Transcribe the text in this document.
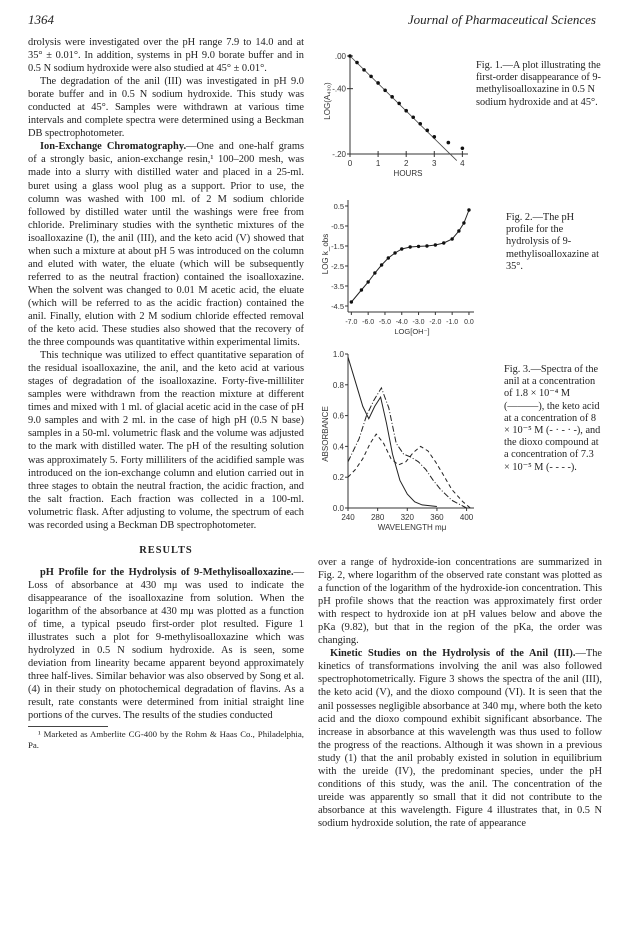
1364	Journal of Pharmaceutical Sciences

drolysis were investigated over the pH range 7.9 to 14.0 and at 35° ± 0.01°. In addition, systems in pH 9.0 borate buffer and in 0.5 N sodium hydroxide were also studied at 45° ± 0.01°.

The degradation of the anil (III) was investigated in pH 9.0 borate buffer and in 0.5 N sodium hydroxide. This study was conducted at 45°. Samples were withdrawn at various time intervals and complete spectra were determined using a Beckman DB spectrophotometer.

Ion-Exchange Chromatography.—One and one-half grams of a strongly basic, anion-exchange resin,¹ 100–200 mesh, was made into a slurry with distilled water and placed in a 25-ml. buret using a glass wool plug as a support. Prior to use, the column was washed with 100 ml. of 2 M sodium chloride followed by distilled water until the washings were free from chloride. Preliminary studies with the synthetic mixtures of the isoalloxazine (I), the anil (III), and the keto acid (V) showed that when such a mixture at about pH 5 was introduced on the column and eluted with water, the eluate (which will be subsequently referred to as the neutral fraction) contained the isoalloxazine. When the solvent was changed to 0.01 M acetic acid, the eluate (which will be referred to as the acidic fraction) contained the anil. Finally, elution with 2 M sodium chloride effected removal of the keto acid. These studies also showed that the recovery of the three compounds was quantitative within experimental limits.

This technique was utilized to effect quantitative separation of the residual isoalloxazine, the anil, and the keto acid at various stages of degradation of the isoalloxazine. Forty-five-milliliter samples were withdrawn from the reaction mixture at different times and mixed with 1 ml. of glacial acetic acid in the case of pH 9.0 samples and with 2 ml. in the case of high pH (0.5 N base) samples in a 50-ml. volumetric flask and the volume was adjusted to the mark with distilled water. The pH of the resulting solution was approximately 5. Forty milliliters of the acidified sample was introduced on the ion-exchange column and elution carried out in three stages to obtain the neutral fraction, the acidic fraction, and the salt fraction. Each fraction was collected in a 100-ml. volumetric flask. After adjusting to volume, the spectrum of each was recorded using a Beckman DB spectrophotometer.

RESULTS

pH Profile for the Hydrolysis of 9-Methylisoalloxazine.—Loss of absorbance at 430 mμ was used to indicate the disappearance of the isoalloxazine from solution. When the logarithm of the absorbance at 430 mμ was plotted as a function of time, a typical pseudo first-order plot resulted. Figure 1 illustrates such a plot for 9-methylisoalloxazine which was hydrolyzed in 0.5 N sodium hydroxide. As is seen, some deviation from linearity became apparent beyond approximately three half-lives. Similar behavior was also observed by Song et al. (4) in their study on photochemical degradation of flavins. As a result, rate constants were determined from initial straight line portions of the curves. The results of the studies conducted

¹ Marketed as Amberlite CG-400 by the Rohm & Haas Co., Philadelphia, Pa.

.00
-.40
-.20
0	1	2	3	4
HOURS
LOG(A₄₃₀)
Fig. 1.—A plot illustrating the first-order disappearance of 9-methylisoalloxazine in 0.5 N sodium hydroxide and at 45°.
0.5
-0.5
-1.5
-2.5
-3.5
-4.5
-7.0 -6.0 -5.0 -4.0 -3.0 -2.0 -1.0 0.0
LOG[OH⁻]
LOG k_obs
Fig. 2.—The pH profile for the hydrolysis of 9-methylisoalloxazine at 35°.
1.0
0.8
0.6
0.4
0.2
0.0
240 280 320 360 400
WAVELENGTH mμ
ABSORBANCE
Fig. 3.—Spectra of the anil at a concentration of 1.8 × 10⁻⁴ M (———), the keto acid at a concentration of 8 × 10⁻⁵ M (- · - · -), and the dioxo compound at a concentration of 7.3 × 10⁻⁵ M (- - - -).

over a range of hydroxide-ion concentrations are summarized in Fig. 2, where logarithm of the observed rate constant was plotted as a function of the logarithm of the hydroxide-ion concentration. This pH profile shows that the reaction was approximately first order with respect to hydroxide ion at pH values below and above the pKa (9.82), but that in the region of the pKa, the order was changing.

Kinetic Studies on the Hydrolysis of the Anil (III).—The kinetics of transformations involving the anil was also followed spectrophotometrically. Figure 3 shows the spectra of the anil (III), the keto acid (V), and the dioxo compound (VI). It is seen that the anil possesses negligible absorbance at 340 mμ, where both the keto acid and the dioxo compound exhibit significant absorbance. The increase in absorbance at this wavelength was thus used to follow the progress of the reactions. Although it was shown in a previous study (1) that the anil probably existed in solution in equilibrium with the ureide (IV), the predominant species, under the pH conditions of this study, was the anil. The concentration of the ureide was apparently so small that it did not contribute to the absorbance at this wavelength. Figure 4 illustrates that, in 0.5 N sodium hydroxide solution, the rate of appearance
